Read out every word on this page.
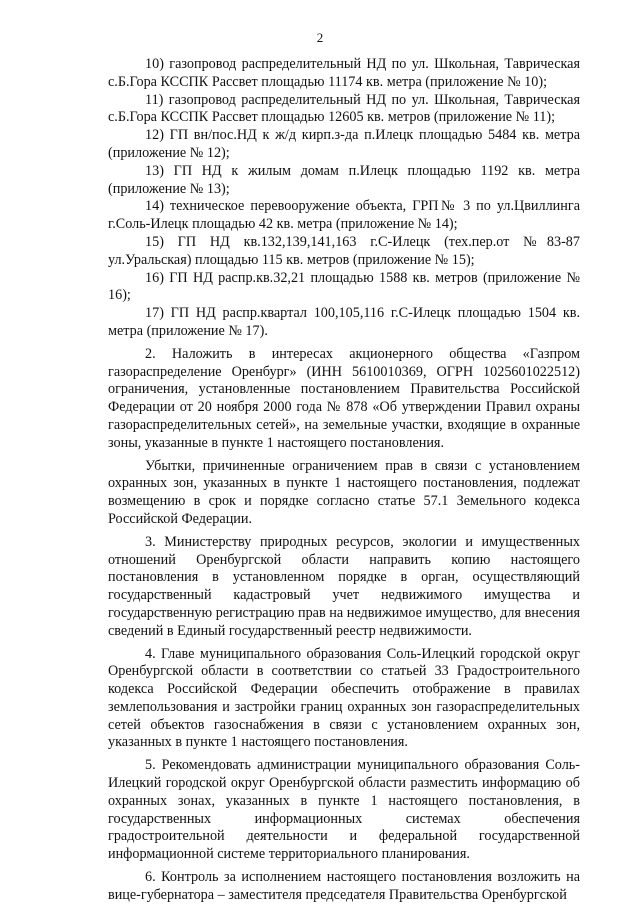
2

10) газопровод распределительный НД по ул. Школьная, Таврическая с.Б.Гора КССПК Рассвет площадью 11174 кв. метра (приложение № 10);

11) газопровод распределительный НД по ул. Школьная, Таврическая с.Б.Гора КССПК Рассвет площадью 12605 кв. метров (приложение № 11);

12) ГП вн/пос.НД к ж/д кирп.з-да п.Илецк площадью 5484 кв. метра (приложение № 12);

13) ГП НД к жилым домам п.Илецк площадью 1192 кв. метра (приложение № 13);

14) техническое перевооружение объекта, ГРП№ 3 по ул.Цвиллинга г.Соль-Илецк площадью 42 кв. метра (приложение № 14);

15) ГП НД кв.132,139,141,163 г.С-Илецк (тех.пер.от №83-87 ул.Уральская) площадью 115 кв. метров (приложение № 15);

16) ГП НД распр.кв.32,21 площадью 1588 кв. метров (приложение № 16);

17) ГП НД распр.квартал 100,105,116 г.С-Илецк площадью 1504 кв. метра (приложение № 17).

2. Наложить в интересах акционерного общества «Газпром газораспределение Оренбург» (ИНН 5610010369, ОГРН 1025601022512) ограничения, установленные постановлением Правительства Российской Федерации от 20 ноября 2000 года № 878 «Об утверждении Правил охраны газораспределительных сетей», на земельные участки, входящие в охранные зоны, указанные в пункте 1 настоящего постановления.

Убытки, причиненные ограничением прав в связи с установлением охранных зон, указанных в пункте 1 настоящего постановления, подлежат возмещению в срок и порядке согласно статье 57.1 Земельного кодекса Российской Федерации.

3. Министерству природных ресурсов, экологии и имущественных отношений Оренбургской области направить копию настоящего постановления в установленном порядке в орган, осуществляющий государственный кадастровый учет недвижимого имущества и государственную регистрацию прав на недвижимое имущество, для внесения сведений в Единый государственный реестр недвижимости.

4. Главе муниципального образования Соль-Илецкий городской округ Оренбургской области в соответствии со статьей 33 Градостроительного кодекса Российской Федерации обеспечить отображение в правилах землепользования и застройки границ охранных зон газораспределительных сетей объектов газоснабжения в связи с установлением охранных зон, указанных в пункте 1 настоящего постановления.

5. Рекомендовать администрации муниципального образования Соль-Илецкий городской округ Оренбургской области разместить информацию об охранных зонах, указанных в пункте 1 настоящего постановления, в государственных информационных системах обеспечения градостроительной деятельности и федеральной государственной информационной системе территориального планирования.

6. Контроль за исполнением настоящего постановления возложить на вице-губернатора – заместителя председателя Правительства Оренбургской
